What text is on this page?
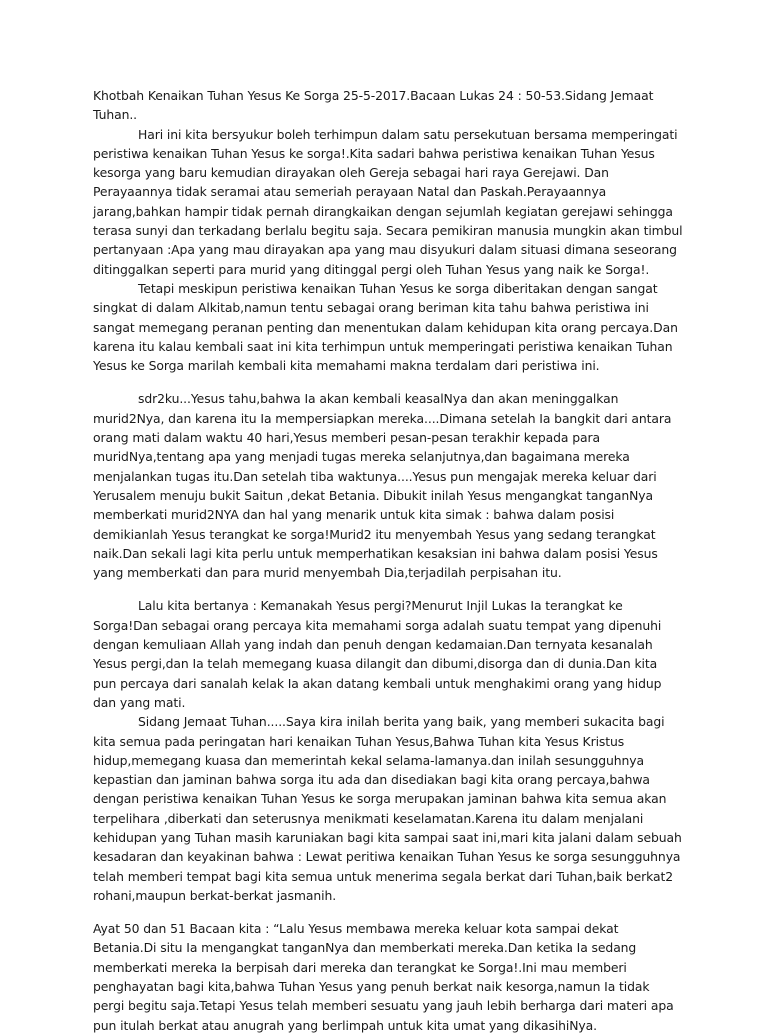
Khotbah Kenaikan Tuhan Yesus Ke Sorga 25-5-2017.Bacaan Lukas 24 : 50-53.Sidang Jemaat Tuhan..

Hari ini kita bersyukur boleh terhimpun dalam satu persekutuan bersama memperingati peristiwa kenaikan Tuhan Yesus ke sorga!.Kita sadari bahwa peristiwa kenaikan Tuhan Yesus kesorga yang baru kemudian dirayakan oleh Gereja sebagai hari raya Gerejawi. Dan Perayaannya tidak seramai atau semeriah perayaan Natal dan Paskah.Perayaannya jarang,bahkan hampir tidak pernah dirangkaikan dengan sejumlah kegiatan gerejawi sehingga terasa sunyi dan terkadang berlalu begitu saja. Secara pemikiran manusia mungkin akan timbul pertanyaan :Apa yang mau dirayakan apa yang mau disyukuri dalam situasi dimana seseorang ditinggalkan seperti para murid yang ditinggal pergi oleh Tuhan Yesus yang naik ke Sorga!.

Tetapi meskipun peristiwa kenaikan Tuhan Yesus ke sorga diberitakan dengan sangat singkat di dalam Alkitab,namun tentu sebagai orang beriman kita tahu bahwa peristiwa ini sangat memegang peranan penting dan menentukan dalam kehidupan kita orang percaya.Dan karena itu kalau kembali saat ini kita terhimpun untuk memperingati peristiwa kenaikan Tuhan Yesus ke Sorga marilah kembali kita memahami makna terdalam dari peristiwa ini.

sdr2ku...Yesus tahu,bahwa Ia akan kembali keasalNya dan akan meninggalkan murid2Nya, dan karena itu Ia mempersiapkan mereka....Dimana setelah Ia bangkit dari antara orang mati dalam waktu 40 hari,Yesus memberi pesan-pesan terakhir kepada para muridNya,tentang apa yang menjadi tugas mereka selanjutnya,dan bagaimana mereka menjalankan tugas itu.Dan setelah tiba waktunya....Yesus pun mengajak mereka keluar dari Yerusalem menuju bukit Saitun ,dekat Betania. Dibukit inilah Yesus mengangkat tanganNya memberkati murid2NYA dan hal yang menarik untuk kita simak : bahwa dalam posisi demikianlah Yesus terangkat ke sorga!Murid2 itu menyembah Yesus yang sedang terangkat naik.Dan sekali lagi kita perlu untuk memperhatikan kesaksian ini bahwa dalam posisi Yesus yang memberkati dan para murid menyembah Dia,terjadilah perpisahan itu.

Lalu kita bertanya : Kemanakah Yesus pergi?Menurut Injil Lukas Ia terangkat ke Sorga!Dan sebagai orang percaya kita memahami sorga adalah suatu tempat yang dipenuhi dengan kemuliaan Allah yang indah dan penuh dengan kedamaian.Dan ternyata kesanalah Yesus pergi,dan Ia telah memegang kuasa dilangit dan dibumi,disorga dan di dunia.Dan kita pun percaya dari sanalah kelak Ia akan datang kembali untuk menghakimi orang yang hidup dan yang mati.

Sidang Jemaat Tuhan.....Saya kira inilah berita yang baik, yang memberi sukacita bagi kita semua pada peringatan hari kenaikan Tuhan Yesus,Bahwa Tuhan kita Yesus Kristus hidup,memegang kuasa dan memerintah kekal selama-lamanya.dan inilah sesungguhnya kepastian dan jaminan bahwa sorga itu ada dan disediakan bagi kita orang percaya,bahwa dengan peristiwa kenaikan Tuhan Yesus ke sorga merupakan jaminan bahwa kita semua akan terpelihara ,diberkati dan seterusnya menikmati keselamatan.Karena itu dalam menjalani kehidupan yang Tuhan masih karuniakan bagi kita sampai saat ini,mari kita jalani dalam sebuah kesadaran dan keyakinan bahwa : Lewat peritiwa kenaikan Tuhan Yesus ke sorga sesungguhnya telah memberi tempat bagi kita semua untuk menerima segala berkat dari Tuhan,baik berkat2 rohani,maupun berkat-berkat jasmanih.

Ayat 50 dan 51 Bacaan kita : “Lalu Yesus membawa mereka keluar kota sampai dekat Betania.Di situ Ia mengangkat tanganNya dan memberkati mereka.Dan ketika Ia sedang memberkati mereka Ia berpisah dari mereka dan terangkat ke Sorga!.Ini mau memberi penghayatan bagi kita,bahwa Tuhan Yesus yang penuh berkat naik kesorga,namun Ia tidak pergi begitu saja.Tetapi Yesus telah memberi sesuatu yang jauh lebih berharga dari materi apa pun itulah berkat atau anugrah yang berlimpah untuk kita umat yang dikasihiNya.
